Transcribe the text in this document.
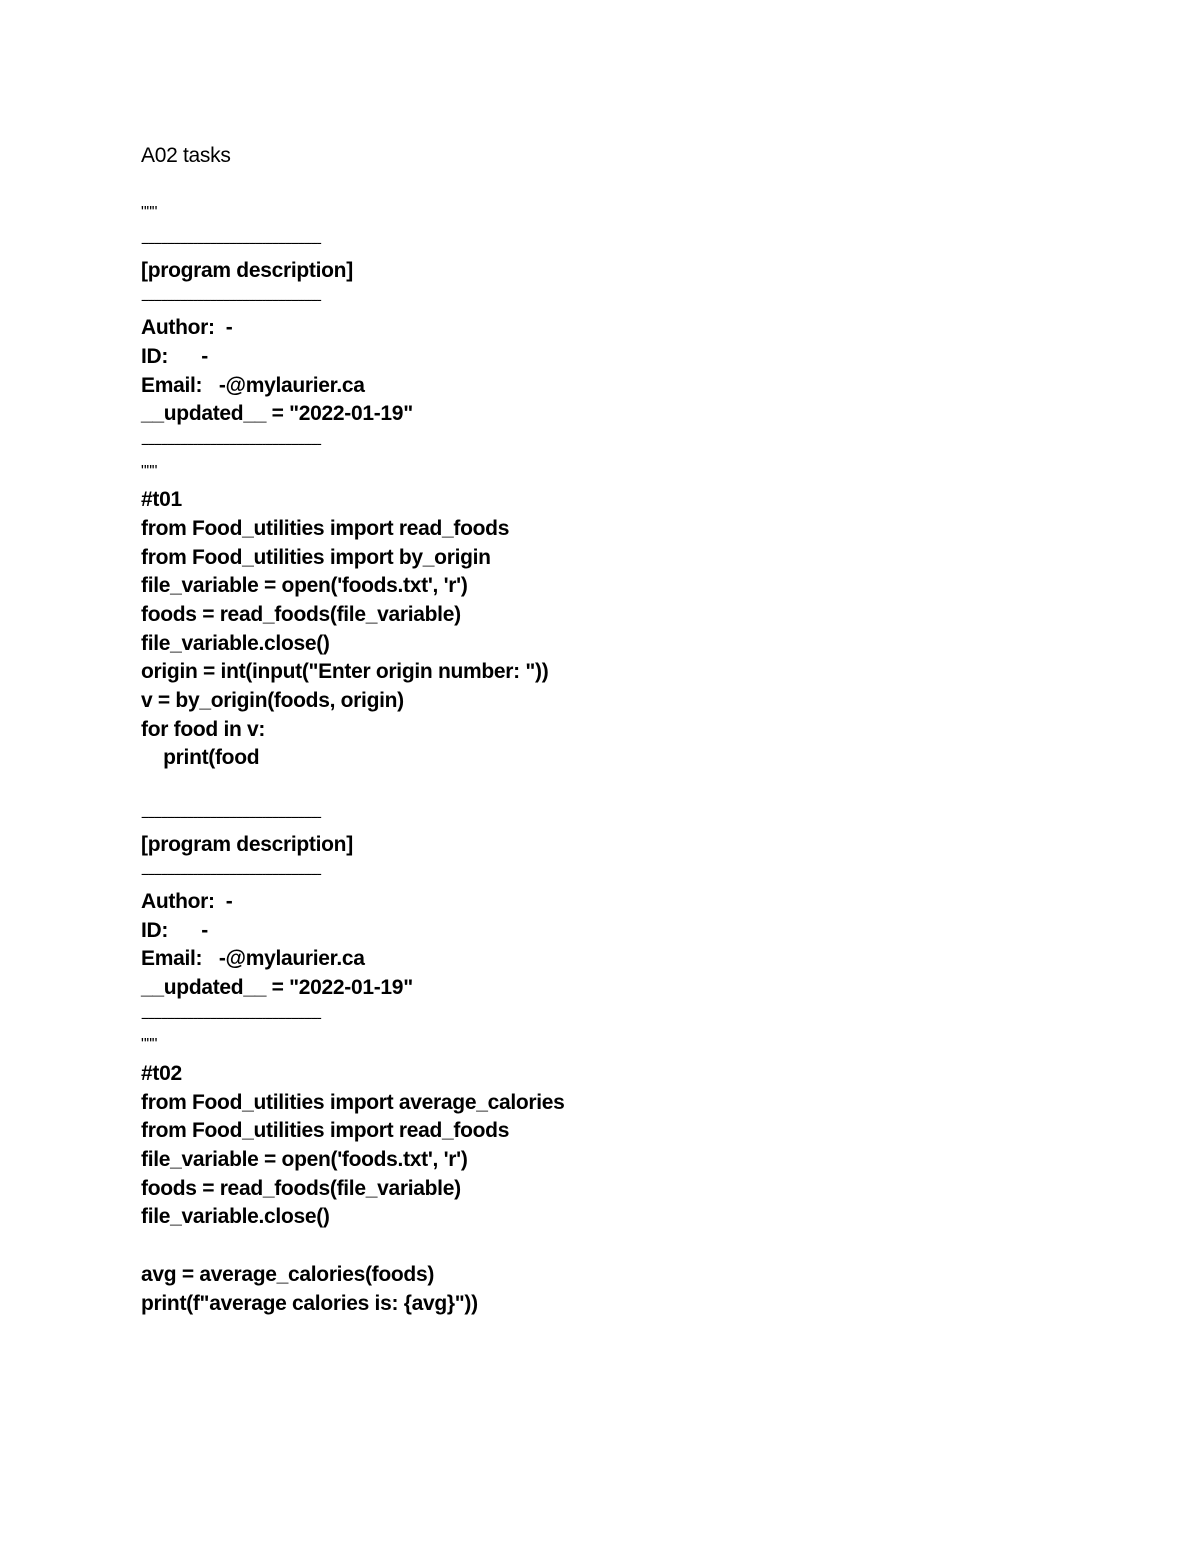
A02 tasks
"""
-------------------------------------------------------
[program description]
-------------------------------------------------------
Author:  -
ID:      -
Email:   -@mylaurier.ca
__updated__ = "2022-01-19"
-------------------------------------------------------
"""
#t01
from Food_utilities import read_foods
from Food_utilities import by_origin
file_variable = open('foods.txt', 'r')
foods = read_foods(file_variable)
file_variable.close()
origin = int(input("Enter origin number: "))
v = by_origin(foods, origin)
for food in v:
print(food
-------------------------------------------------------
[program description]
-------------------------------------------------------
Author:  -
ID:      -
Email:   -@mylaurier.ca
__updated__ = "2022-01-19"
-------------------------------------------------------
"""
#t02
from Food_utilities import average_calories
from Food_utilities import read_foods
file_variable = open('foods.txt', 'r')
foods = read_foods(file_variable)
file_variable.close()
avg = average_calories(foods)
print(f"average calories is: {avg}"))
